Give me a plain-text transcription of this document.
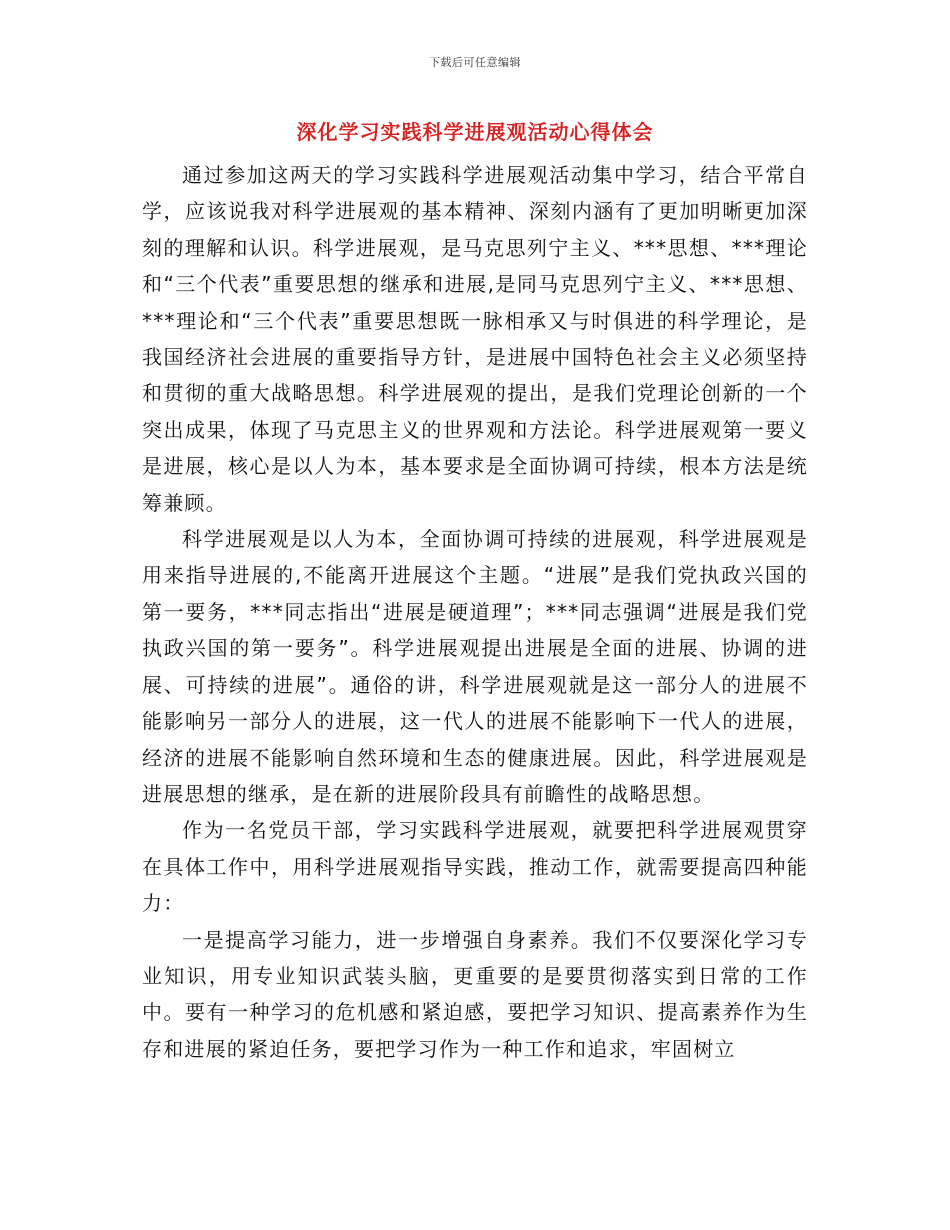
下载后可任意编辑
深化学习实践科学进展观活动心得体会

通过参加这两天的学习实践科学进展观活动集中学习，结合平常自学，应该说我对科学进展观的基本精神、深刻内涵有了更加明晰更加深刻的理解和认识。科学进展观，是马克思列宁主义、***思想、***理论和“三个代表”重要思想的继承和进展,是同马克思列宁主义、***思想、***理论和“三个代表”重要思想既一脉相承又与时俱进的科学理论，是我国经济社会进展的重要指导方针，是进展中国特色社会主义必须坚持和贯彻的重大战略思想。科学进展观的提出，是我们党理论创新的一个突出成果，体现了马克思主义的世界观和方法论。科学进展观第一要义是进展，核心是以人为本，基本要求是全面协调可持续，根本方法是统筹兼顾。

科学进展观是以人为本，全面协调可持续的进展观，科学进展观是用来指导进展的,不能离开进展这个主题。“进展”是我们党执政兴国的第一要务，***同志指出“进展是硬道理”；***同志强调“进展是我们党执政兴国的第一要务”。科学进展观提出进展是全面的进展、协调的进展、可持续的进展”。通俗的讲，科学进展观就是这一部分人的进展不能影响另一部分人的进展，这一代人的进展不能影响下一代人的进展，经济的进展不能影响自然环境和生态的健康进展。因此，科学进展观是进展思想的继承，是在新的进展阶段具有前瞻性的战略思想。

作为一名党员干部，学习实践科学进展观，就要把科学进展观贯穿在具体工作中，用科学进展观指导实践，推动工作，就需要提高四种能力：

一是提高学习能力，进一步增强自身素养。我们不仅要深化学习专业知识，用专业知识武装头脑，更重要的是要贯彻落实到日常的工作中。要有一种学习的危机感和紧迫感，要把学习知识、提高素养作为生存和进展的紧迫任务，要把学习作为一种工作和追求，牢固树立
